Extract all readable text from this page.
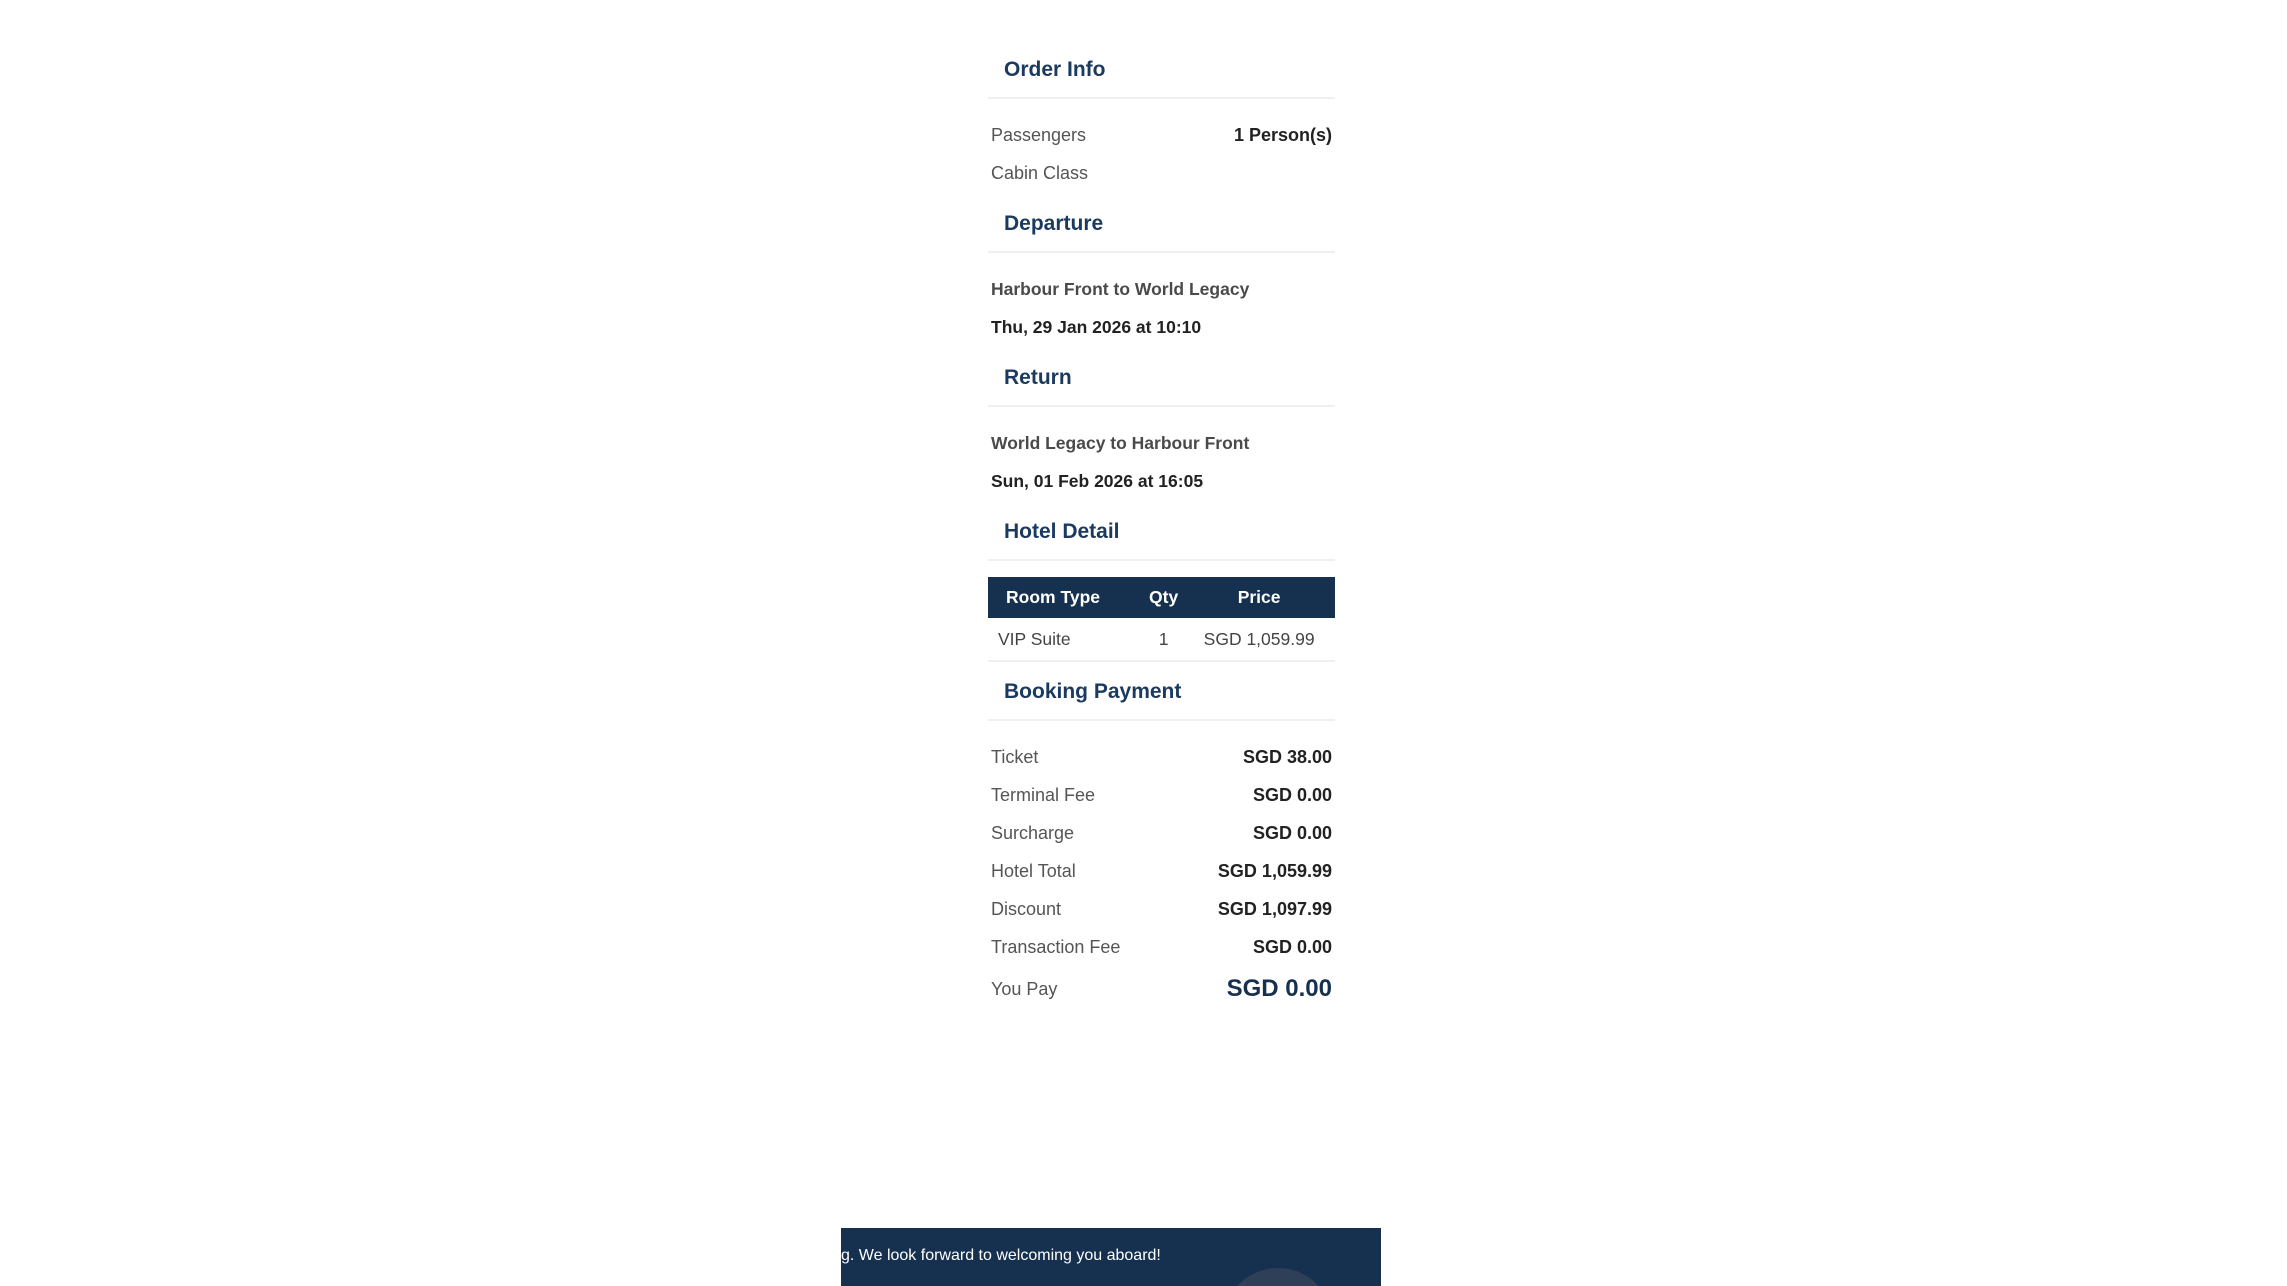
Order Info
Passengers	1 Person(s)
Cabin Class
Departure
Harbour Front to World Legacy
Thu, 29 Jan 2026 at 10:10
Return
World Legacy to Harbour Front
Sun, 01 Feb 2026 at 16:05
Hotel Detail
Room Type	Qty	Price
VIP Suite	1	SGD 1,059.99
Booking Payment
Ticket	SGD 38.00
Terminal Fee	SGD 0.00
Surcharge	SGD 0.00
Hotel Total	SGD 1,059.99
Discount	SGD 1,097.99
Transaction Fee	SGD 0.00
You Pay	SGD 0.00
g. We look forward to welcoming you aboard!
